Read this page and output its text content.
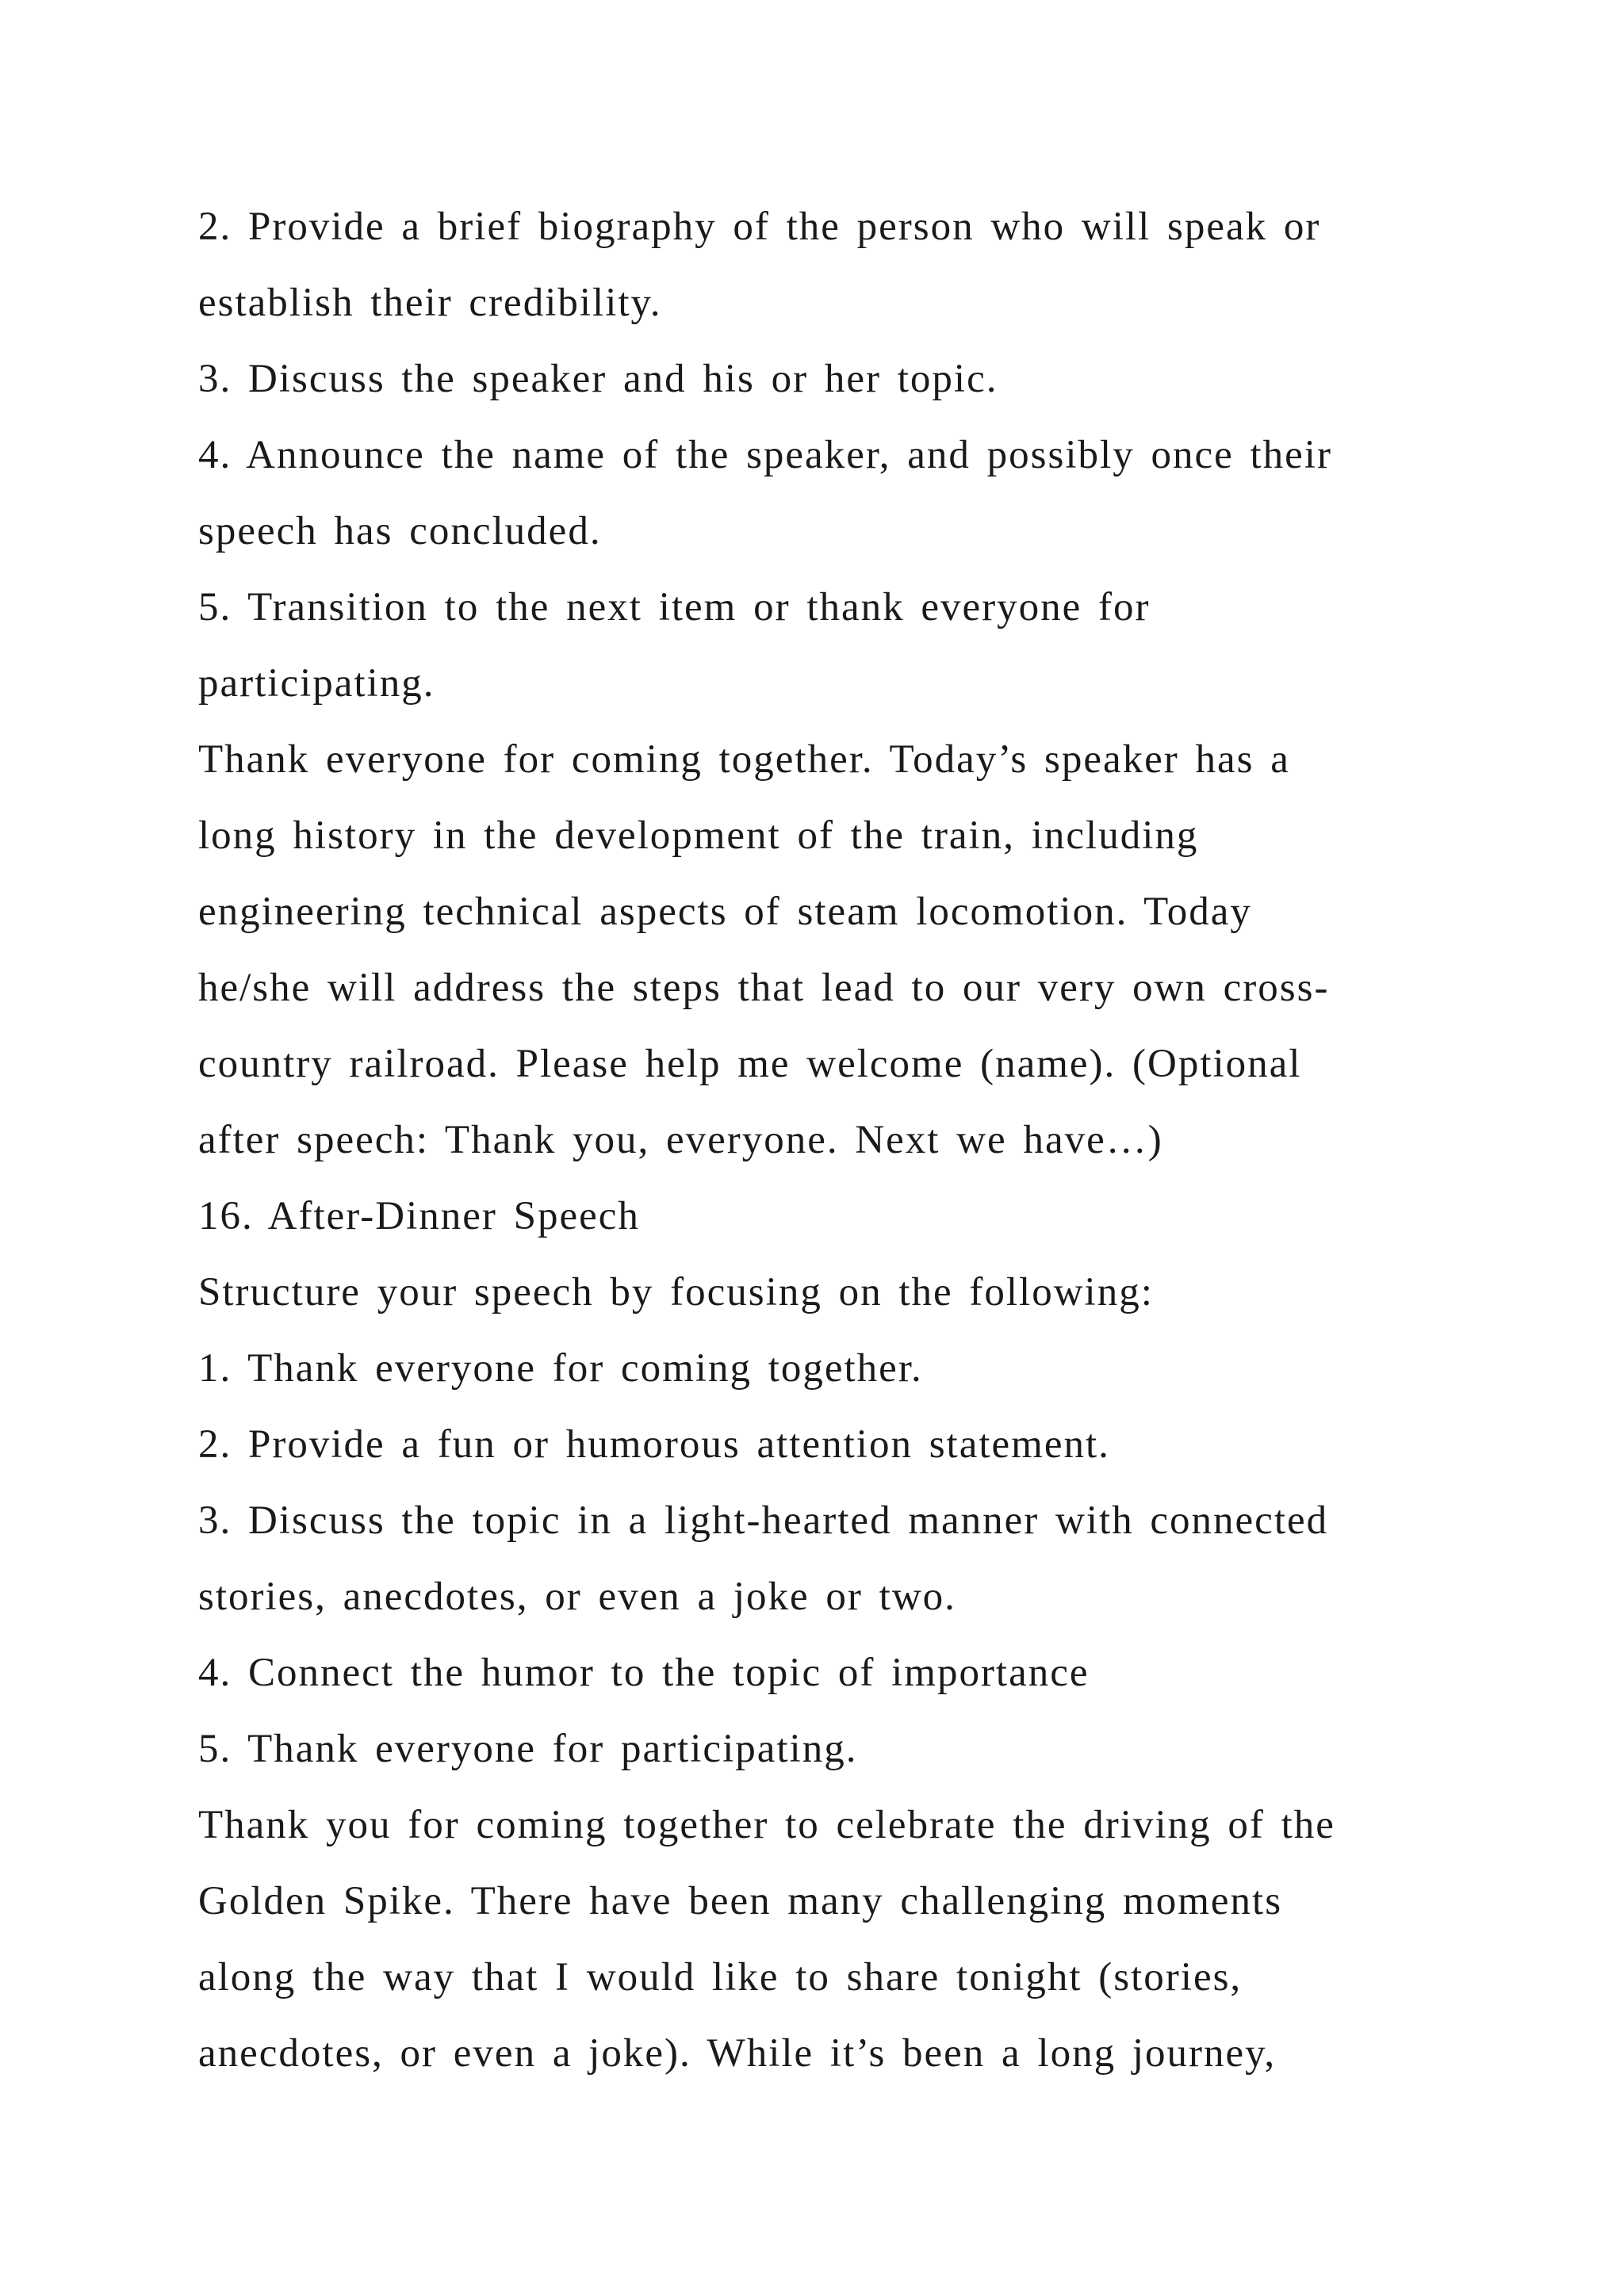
2. Provide a brief biography of the person who will speak or
establish their credibility.
3. Discuss the speaker and his or her topic.
4. Announce the name of the speaker, and possibly once their
speech has concluded.
5. Transition to the next item or thank everyone for
participating.
Thank everyone for coming together. Today’s speaker has a
long history in the development of the train, including
engineering technical aspects of steam locomotion. Today
he/she will address the steps that lead to our very own cross-
country railroad. Please help me welcome (name). (Optional
after speech: Thank you, everyone. Next we have…)
16. After-Dinner Speech
Structure your speech by focusing on the following:
1. Thank everyone for coming together.
2. Provide a fun or humorous attention statement.
3. Discuss the topic in a light-hearted manner with connected
stories, anecdotes, or even a joke or two.
4. Connect the humor to the topic of importance
5. Thank everyone for participating.
Thank you for coming together to celebrate the driving of the
Golden Spike. There have been many challenging moments
along the way that I would like to share tonight (stories,
anecdotes, or even a joke). While it’s been a long journey,
